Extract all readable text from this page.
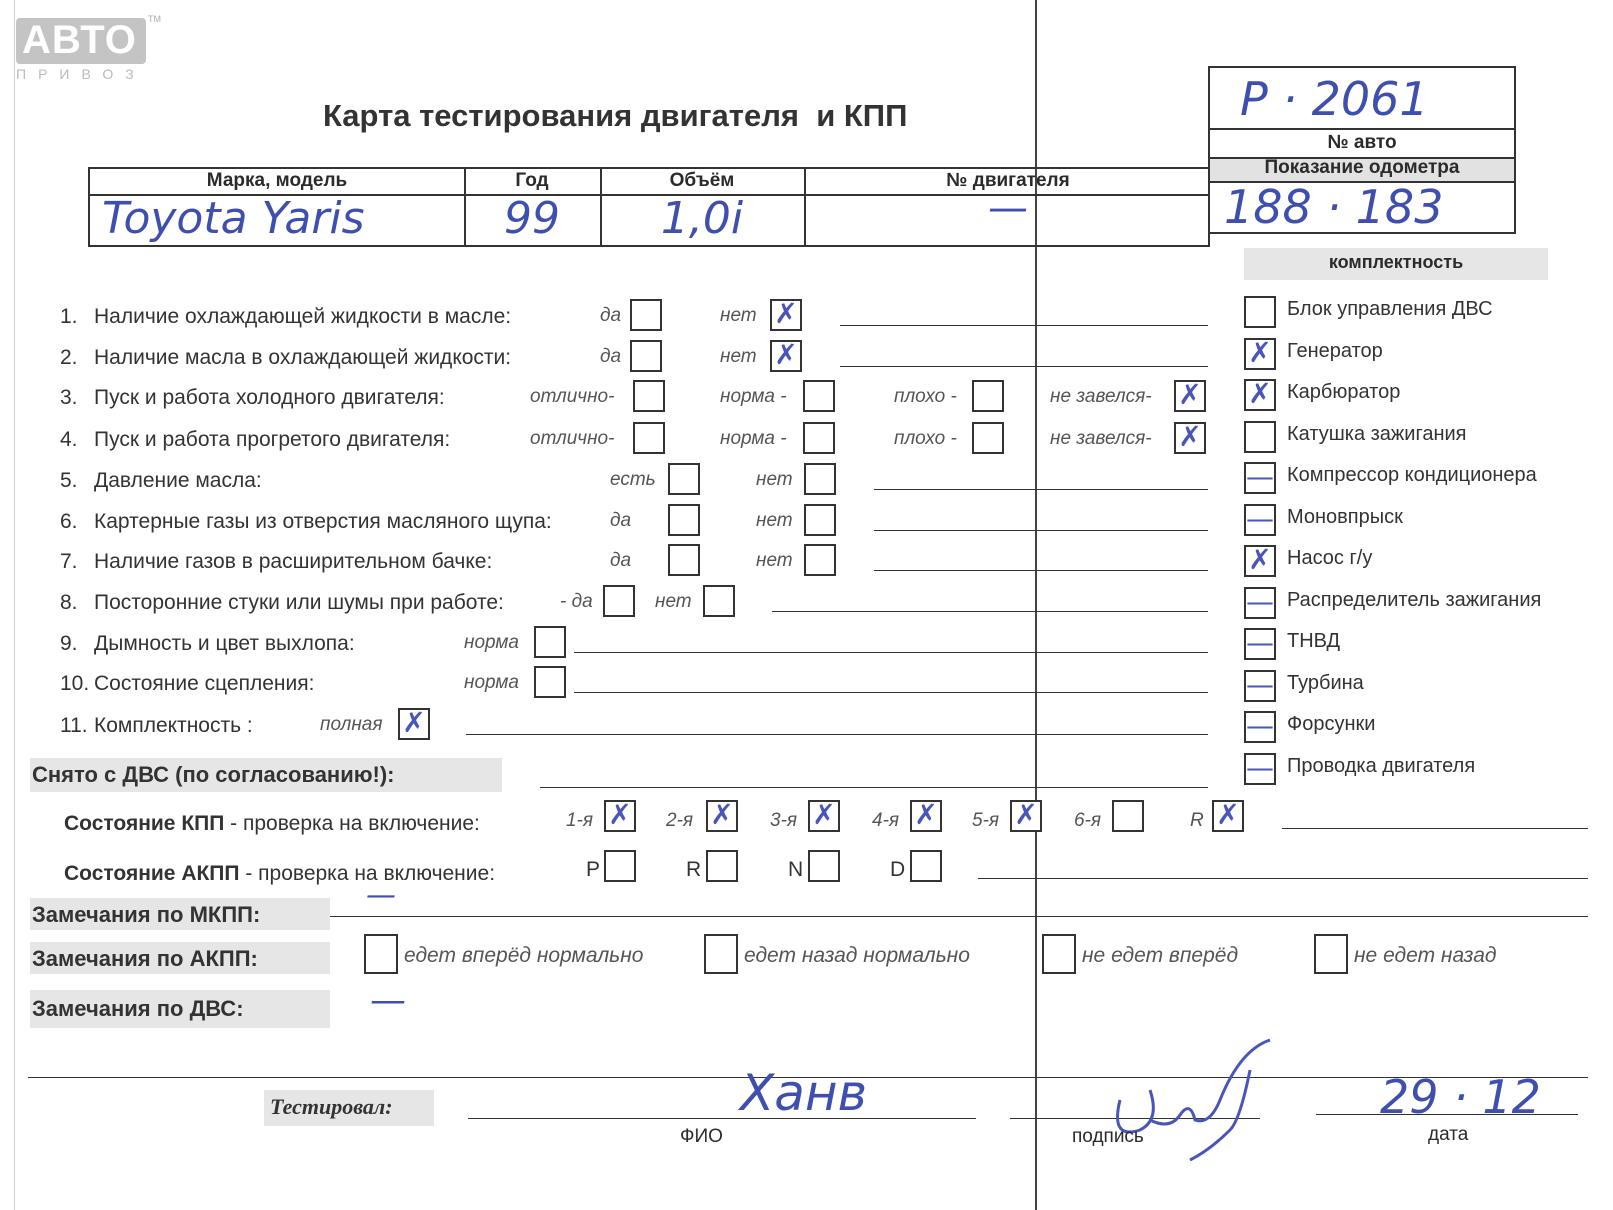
АВТО TM
ПРИВОЗ
Карта тестирования двигателя  и КПП	P · 2061
№ авто
Показание одометра
188 · 183
Марка, модель	Год	Объём	№ двигателя
Toyota Yaris	99	1,0i	—
1. Наличие охлаждающей жидкости в масле:	да	нет ✗
2. Наличие масла в охлаждающей жидкости:	да	нет ✗
3. Пуск и работа холодного двигателя:	отлично-	норма -	плохо -	не завелся- ✗
4. Пуск и работа прогретого двигателя:	отлично-	норма -	плохо -	не завелся- ✗
5. Давление масла:	есть	нет
6. Картерные газы из отверстия масляного щупа:	да	нет
7. Наличие газов в расширительном бачке:	да	нет
8. Посторонние стуки или шумы при работе:	- да	нет
9. Дымность и цвет выхлопа:	норма
10. Состояние сцепления:	норма
11. Комплектность :	полная ✗
Снято с ДВС (по согласованию!):
комплектность
Блок управления ДВС
✗ Генератор
✗ Карбюратор
Катушка зажигания
— Компрессор кондиционера
— Моновпрыск
✗ Насос г/у
— Распределитель зажигания
— ТНВД
— Турбина
— Форсунки
— Проводка двигателя
Состояние КПП - проверка на включение:	1-я ✗ 2-я ✗ 3-я ✗ 4-я ✗ 5-я ✗ 6-я	R ✗
Состояние АКПП - проверка на включение:	P	R	N	D
Замечания по МКПП:
—
Замечания по АКПП:	едет вперёд нормально	едет назад нормально	не едет вперёд	не едет назад
Замечания по ДВС:	—
Тестировал:	Ханв
ФИО	подпись
29 · 12
дата
